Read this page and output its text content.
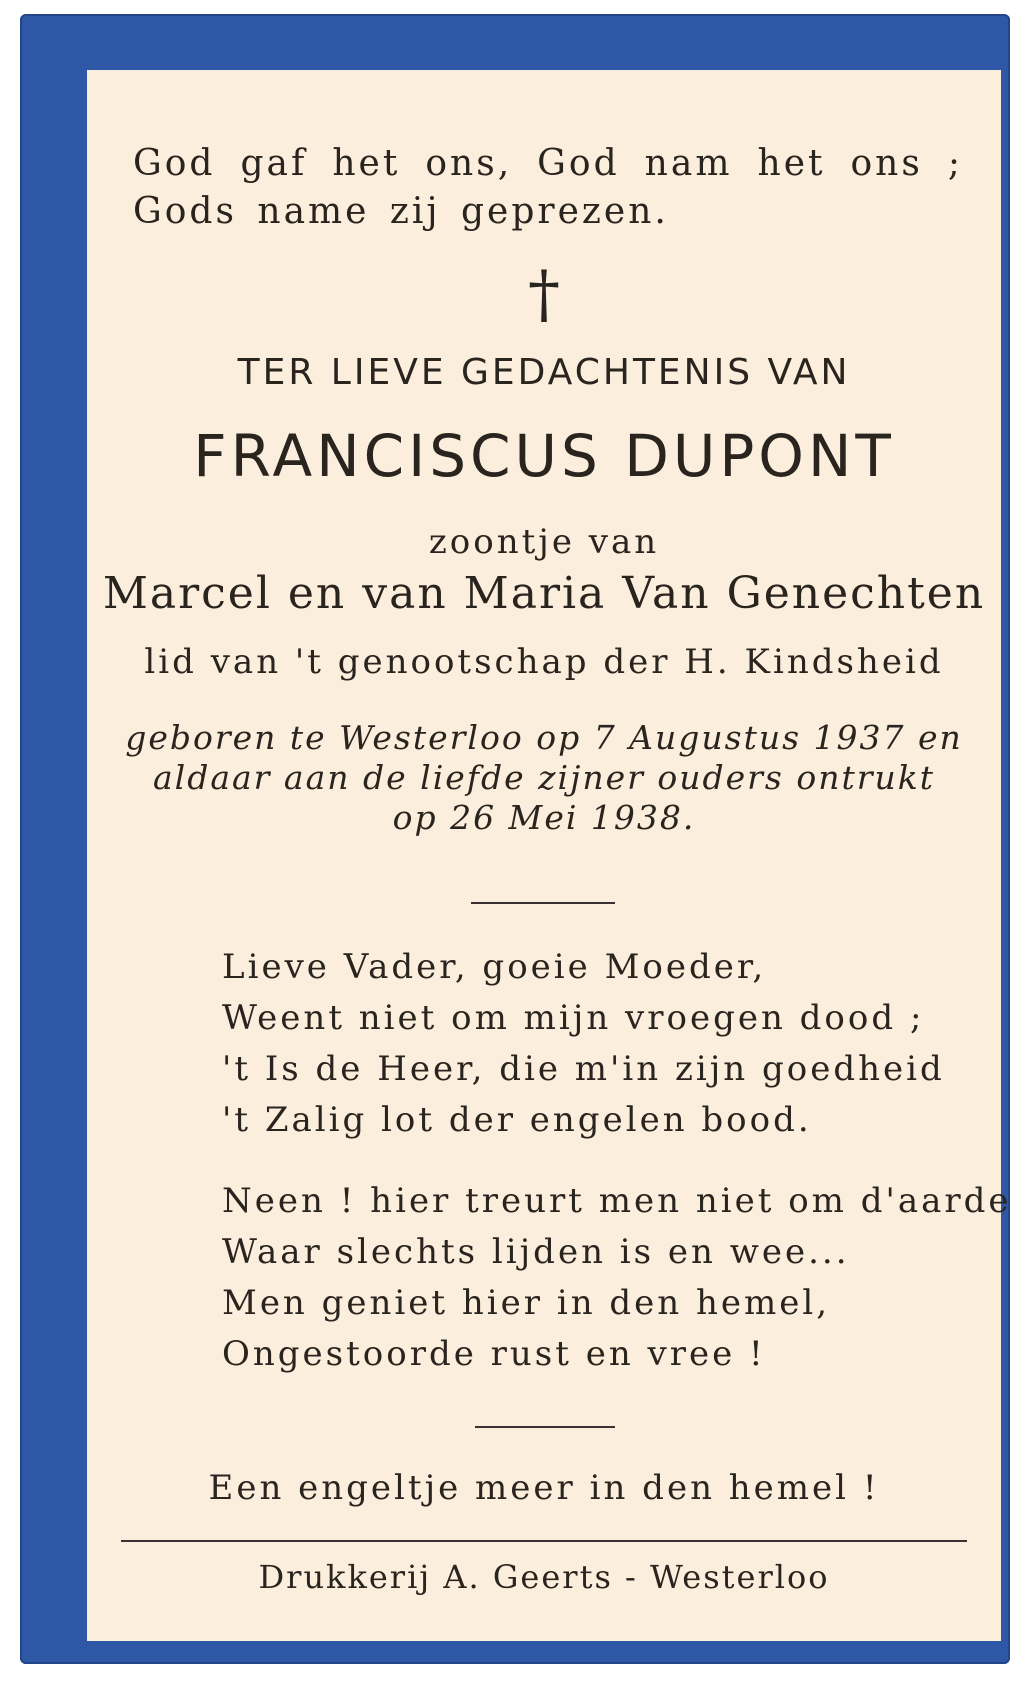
God gaf het ons, God nam het ons ; Gods name zij geprezen.
†
TER LIEVE GEDACHTENIS VAN
FRANCISCUS DUPONT
zoontje van
Marcel en van Maria Van Genechten
lid van 't genootschap der H. Kindsheid
geboren te Westerloo op 7 Augustus 1937 en
aldaar aan de liefde zijner ouders ontrukt
op 26 Mei 1938.
Lieve Vader, goeie Moeder,
Weent niet om mijn vroegen dood ;
't Is de Heer, die m'in zijn goedheid
't Zalig lot der engelen bood.
Neen ! hier treurt men niet om d'aarde
Waar slechts lijden is en wee...
Men geniet hier in den hemel,
Ongestoorde rust en vree !
Een engeltje meer in den hemel !
Drukkerij A. Geerts - Westerloo
